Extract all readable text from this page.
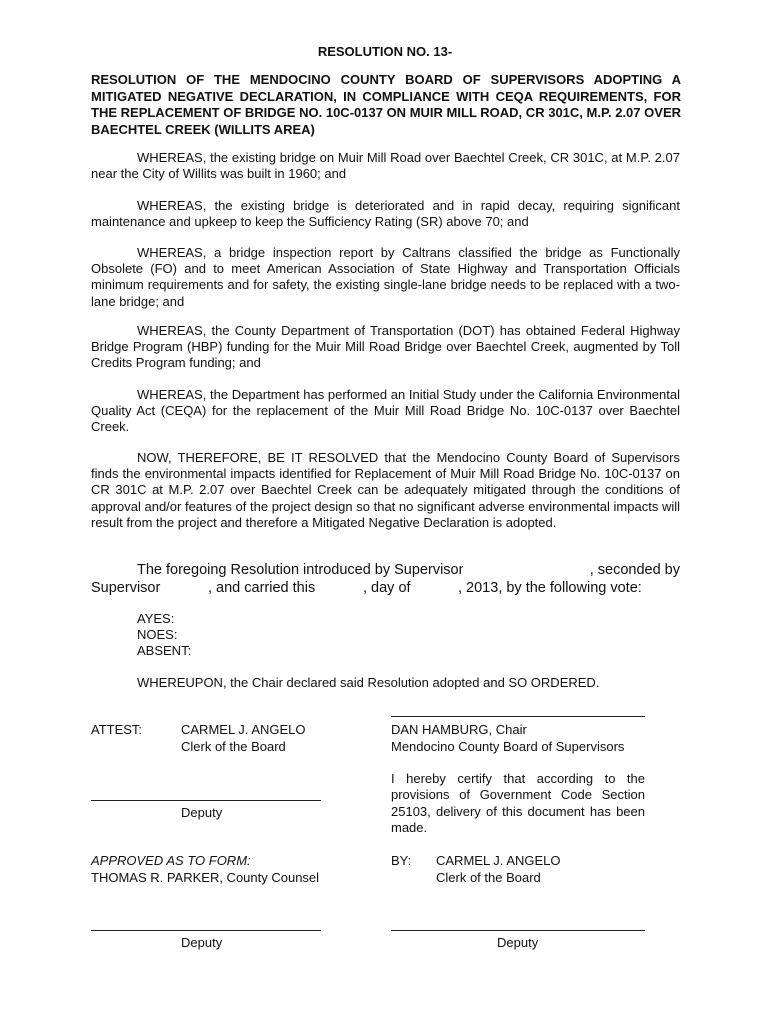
RESOLUTION NO. 13-
RESOLUTION OF THE MENDOCINO COUNTY BOARD OF SUPERVISORS ADOPTING A MITIGATED NEGATIVE DECLARATION, IN COMPLIANCE WITH CEQA REQUIREMENTS, FOR THE REPLACEMENT OF BRIDGE NO. 10C-0137 ON MUIR MILL ROAD, CR 301C, M.P. 2.07 OVER BAECHTEL CREEK (WILLITS AREA)
WHEREAS, the existing bridge on Muir Mill Road over Baechtel Creek, CR 301C, at M.P. 2.07 near the City of Willits was built in 1960; and
WHEREAS, the existing bridge is deteriorated and in rapid decay, requiring significant maintenance and upkeep to keep the Sufficiency Rating (SR) above 70; and
WHEREAS, a bridge inspection report by Caltrans classified the bridge as Functionally Obsolete (FO) and to meet American Association of State Highway and Transportation Officials minimum requirements and for safety, the existing single-lane bridge needs to be replaced with a two-lane bridge; and
WHEREAS, the County Department of Transportation (DOT) has obtained Federal Highway Bridge Program (HBP) funding for the Muir Mill Road Bridge over Baechtel Creek, augmented by Toll Credits Program funding; and
WHEREAS, the Department has performed an Initial Study under the California Environmental Quality Act (CEQA) for the replacement of the Muir Mill Road Bridge No. 10C-0137 over Baechtel Creek.
NOW, THEREFORE, BE IT RESOLVED that the Mendocino County Board of Supervisors finds the environmental impacts identified for Replacement of Muir Mill Road Bridge No. 10C-0137 on CR 301C at M.P. 2.07 over Baechtel Creek can be adequately mitigated through the conditions of approval and/or features of the project design so that no significant adverse environmental impacts will result from the project and therefore a Mitigated Negative Declaration is adopted.
The foregoing Resolution introduced by Supervisor	, seconded by
Supervisor	, and carried this	, day of	, 2013, by the following vote:
AYES:
NOES:
ABSENT:
WHEREUPON, the Chair declared said Resolution adopted and SO ORDERED.
ATTEST:	CARMEL J. ANGELO
Clerk of the Board
DAN HAMBURG, Chair
Mendocino County Board of Supervisors
Deputy
I hereby certify that according to the provisions of Government Code Section 25103, delivery of this document has been made.
APPROVED AS TO FORM:
THOMAS R. PARKER, County Counsel
BY: CARMEL J. ANGELO
Clerk of the Board
Deputy	Deputy
